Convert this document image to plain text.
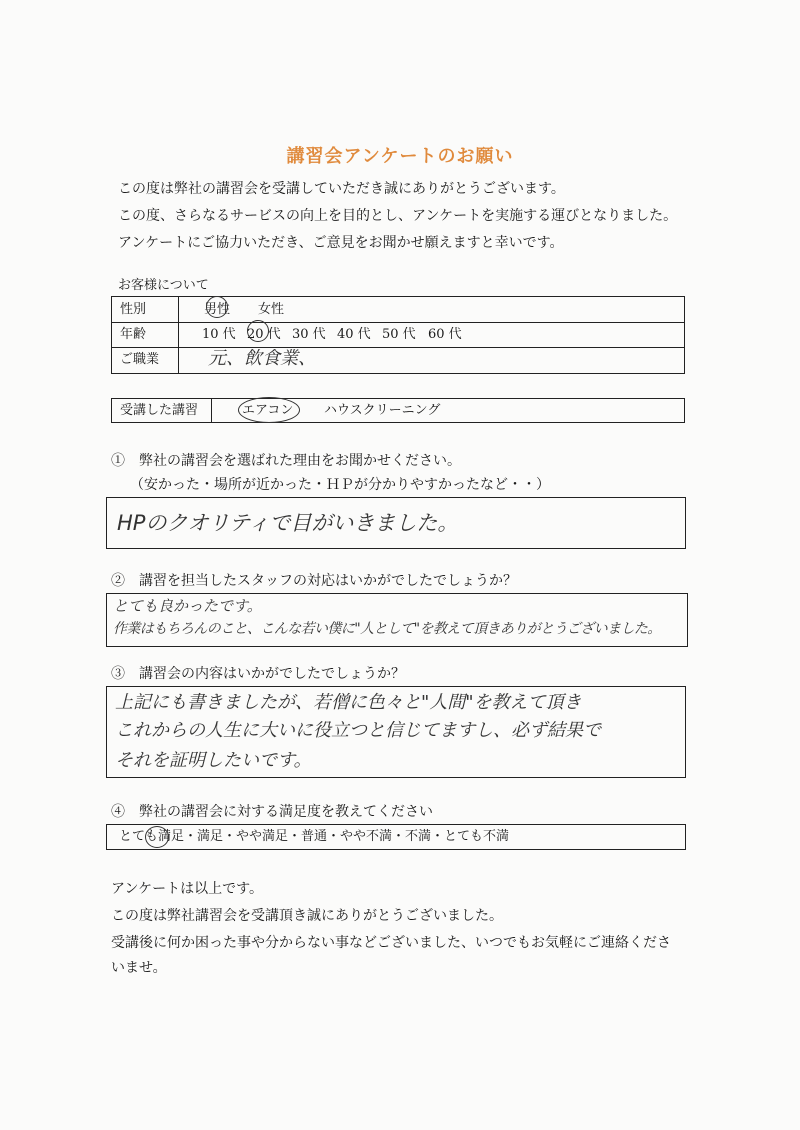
講習会アンケートのお願い
この度は弊社の講習会を受講していただき誠にありがとうございます。
この度、さらなるサービスの向上を目的とし、アンケートを実施する運びとなりました。
アンケートにご協力いただき、ご意見をお聞かせ願えますと幸いです。
お客様について
性別	男性 女性
年齢	10 代 20 代 30 代 40 代 50 代 60 代
ご職業	元、飲食業、
受講した講習	エアコン ハウスクリーニング
①　弊社の講習会を選ばれた理由をお聞かせください。
（安かった・場所が近かった・ＨＰが分かりやすかったなど・・）
HPのクオリティで目がいきました。
②　講習を担当したスタッフの対応はいかがでしたでしょうか？
とても良かったです。
作業はもちろんのこと、こんな若い僕に"人として"を教えて頂きありがとうございました。
③　講習会の内容はいかがでしたでしょうか？
上記にも書きましたが、若僧に色々と"人間"を教えて頂き
これからの人生に大いに役立つと信じてますし、必ず結果で
それを証明したいです。
④　弊社の講習会に対する満足度を教えてください
とても満足・満足・やや満足・普通・やや不満・不満・とても不満
アンケートは以上です。
この度は弊社講習会を受講頂き誠にありがとうございました。
受講後に何か困った事や分からない事などございました、いつでもお気軽にご連絡くださ
いませ。
